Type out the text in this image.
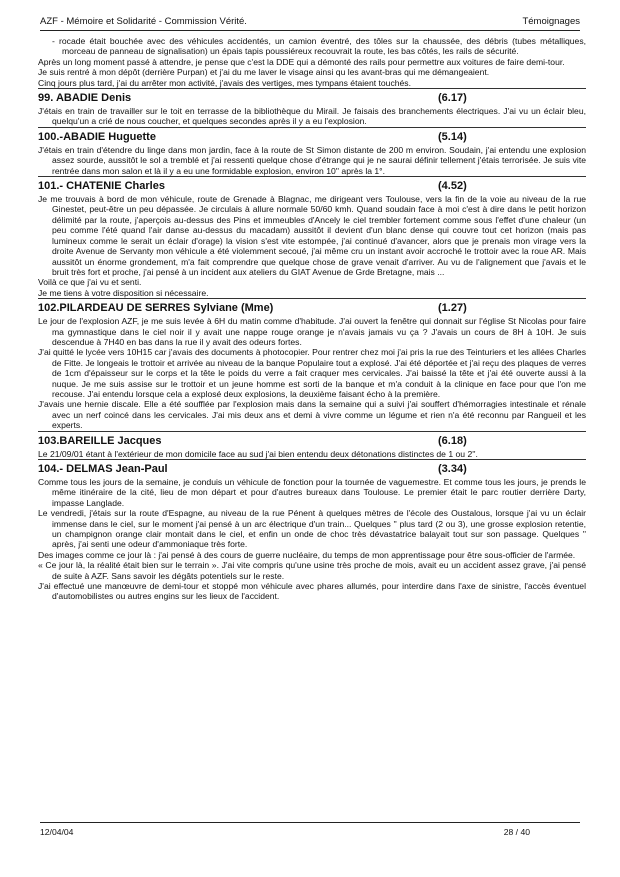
AZF - Mémoire et Solidarité - Commission Vérité.	Témoignages

- rocade était bouchée avec des véhicules accidentés, un camion éventré, des tôles sur la chaussée, des débris (tubes métalliques, morceau de panneau de signalisation) un épais tapis poussiéreux recouvrait la route, les bas côtés, les rails de sécurité.

Après un long moment passé à attendre, je pense que c'est la DDE qui a démonté des rails pour permettre aux voitures de faire demi-tour.

Je suis rentré à mon dépôt (derrière Purpan) et j'ai du me laver le visage ainsi qu les avant-bras qui me démangeaient.

Cinq jours plus tard, j'ai du arrêter mon activité, j'avais des vertiges, mes tympans étaient touchés.

99. ABADIE Denis	(6.17)

J'étais en train de travailler sur le toit en terrasse de la bibliothèque du Mirail. Je faisais des branchements électriques. J'ai vu un éclair bleu, quelqu'un a crié de nous coucher, et quelques secondes après il y a eu l'explosion.

100.-ABADIE Huguette	(5.14)

J'étais en train d'étendre du linge dans mon jardin, face à la route de St Simon distante de 200 m environ. Soudain, j'ai entendu une explosion assez sourde, aussitôt le sol a tremblé et j'ai ressenti quelque chose d'étrange qui je ne saurai définir tellement j'étais terrorisée. Je suis vite rentrée dans mon salon et là il y a eu une formidable explosion, environ 10'' après la 1°.

101.- CHATENIE Charles	(4.52)

Je me trouvais à bord de mon véhicule, route de Grenade à Blagnac, me dirigeant vers Toulouse, vers la fin de la voie au niveau de la rue Ginestet, peut-être un peu dépassée. Je circulais à allure normale 50/60 kmh. Quand soudain face à moi c'est à dire dans le petit horizon délimité par la route, j'aperçois au-dessus des Pins et immeubles d'Ancely le ciel trembler fortement comme sous l'effet d'une chaleur (un peu comme l'été quand l'air danse au-dessus du macadam) aussitôt il devient d'un blanc dense qui couvre tout cet horizon (mais pas lumineux comme le serait un éclair d'orage) la vision s'est vite estompée, j'ai continué d'avancer, alors que je prenais mon virage vers la droite Avenue de Servanty mon véhicule a été violemment secoué, j'ai même cru un instant avoir accroché le trottoir avec la roue AR. Mais aussitôt un énorme grondement, m'a fait comprendre que quelque chose de grave venait d'arriver. Au vu de l'alignement que j'avais et le bruit très fort et proche, j'ai pensé à un incident aux ateliers du GIAT Avenue de Grde Bretagne, mais ...

Voilà ce que j'ai vu et senti.

Je me tiens à votre disposition si nécessaire.

102.PILARDEAU DE SERRES Sylviane (Mme)	(1.27)

Le jour de l'explosion AZF, je me suis levée à 6H du matin comme d'habitude. J'ai ouvert la fenêtre qui donnait sur l'église St Nicolas pour faire ma gymnastique dans le ciel noir il y avait une nappe rouge orange je n'avais jamais vu ça ? J'avais un cours de 8H à 10H. Je suis descendue à 7H40 en bas dans la rue il y avait des odeurs fortes.

J'ai quitté le lycée vers 10H15 car j'avais des documents à photocopier. Pour rentrer chez moi j'ai pris la rue des Teinturiers et les allées Charles de Fitte. Je longeais le trottoir et arrivée au niveau de la banque Populaire tout a explosé. J'ai été déportée et j'ai reçu des plaques de verres de 1cm d'épaisseur sur le corps et la tête le poids du verre a fait craquer mes cervicales. J'ai baissé la tête et j'ai été ouverte aussi à la nuque. Je me suis assise sur le trottoir et un jeune homme est sorti de la banque et m'a conduit à la clinique en face pour que l'on me recouse. J'ai entendu lorsque cela a explosé deux explosions, la deuxième faisant écho à la première.

J'avais une hernie discale. Elle a été souffléе par l'explosion mais dans la semaine qui a suivi j'ai souffert d'hémorragies intestinale et rénale avec un nerf coincé dans les cervicales. J'ai mis deux ans et demi à vivre comme un légume et rien n'a été reconnu par Rangueil et les experts.

103.BAREILLE Jacques	(6.18)

Le 21/09/01 étant à l'extérieur de mon domicile face au sud j'ai bien entendu deux détonations distinctes de 1 ou 2''.

104.- DELMAS Jean-Paul	(3.34)

Comme tous les jours de la semaine, je conduis un véhicule de fonction pour la tournée de vaguemestre. Et comme tous les jours, je prends le même itinéraire de la cité, lieu de mon départ et pour d'autres bureaux dans Toulouse. Le premier était le parc routier derrière Darty, impasse Langlade.

Le vendredi, j'étais sur la route d'Espagne, au niveau de la rue Pénent à quelques mètres de l'école des Oustalous, lorsque j'ai vu un éclair immense dans le ciel, sur le moment j'ai pensé à un arc électrique d'un train... Quelques '' plus tard (2 ou 3), une grosse explosion retentie, un champignon orange clair montait dans le ciel, et enfin un onde de choc très dévastatrice balayait tout sur son passage. Quelques '' après, j'ai senti une odeur d'ammoniaque très forte.

Des images comme ce jour là : j'ai pensé à des cours de guerre nucléaire, du temps de mon apprentissage pour être sous-officier de l'armée.

« Ce jour là, la réalité était bien sur le terrain ». J'ai vite compris qu'une usine très proche de mois, avait eu un accident assez grave, j'ai pensé de suite à AZF. Sans savoir les dégâts potentiels sur le reste.

J'ai effectué une manœuvre de demi-tour et stoppé mon véhicule avec phares allumés, pour interdire dans l'axe de sinistre, l'accès éventuel d'automobilistes ou autres engins sur les lieux de l'accident.

12/04/04	28 / 40
